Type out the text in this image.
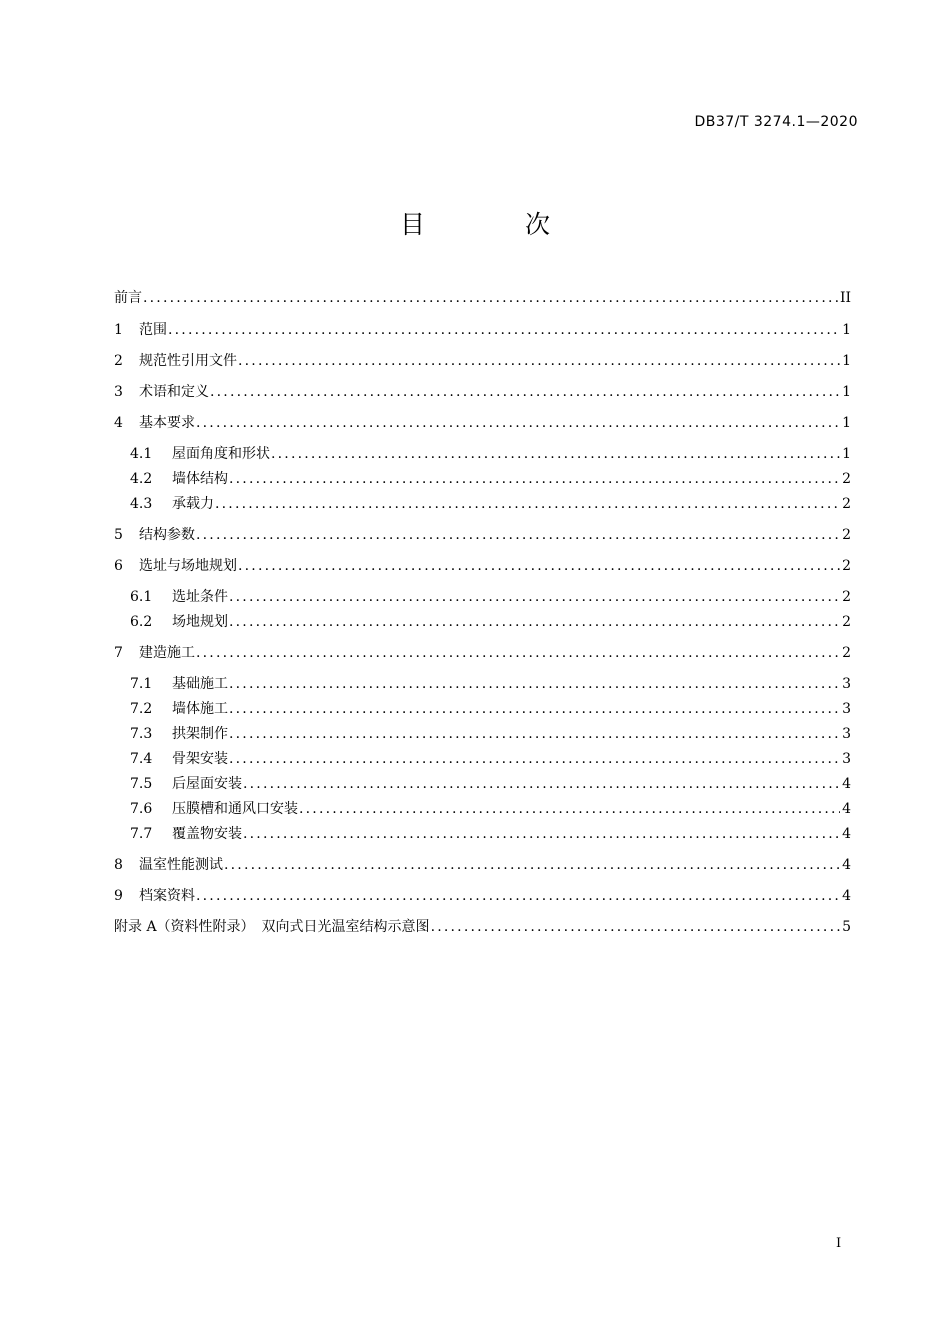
DB37/T 3274.1—2020
目 次
前言 .....	II
1	范围 .....	1
2	规范性引用文件 .....	1
3	术语和定义 .....	1
4	基本要求 .....	1
4.1	屋面角度和形状 .....	1
4.2	墙体结构 .....	2
4.3	承载力 .....	2
5	结构参数 .....	2
6	选址与场地规划 .....	2
6.1	选址条件 .....	2
6.2	场地规划 .....	2
7	建造施工 .....	2
7.1	基础施工 .....	3
7.2	墙体施工 .....	3
7.3	拱架制作 .....	3
7.4	骨架安装 .....	3
7.5	后屋面安装 .....	4
7.6	压膜槽和通风口安装 .....	4
7.7	覆盖物安装 .....	4
8	温室性能测试 .....	4
9	档案资料 .....	4
附录 A（资料性附录）　双向式日光温室结构示意图 .....	5
I
